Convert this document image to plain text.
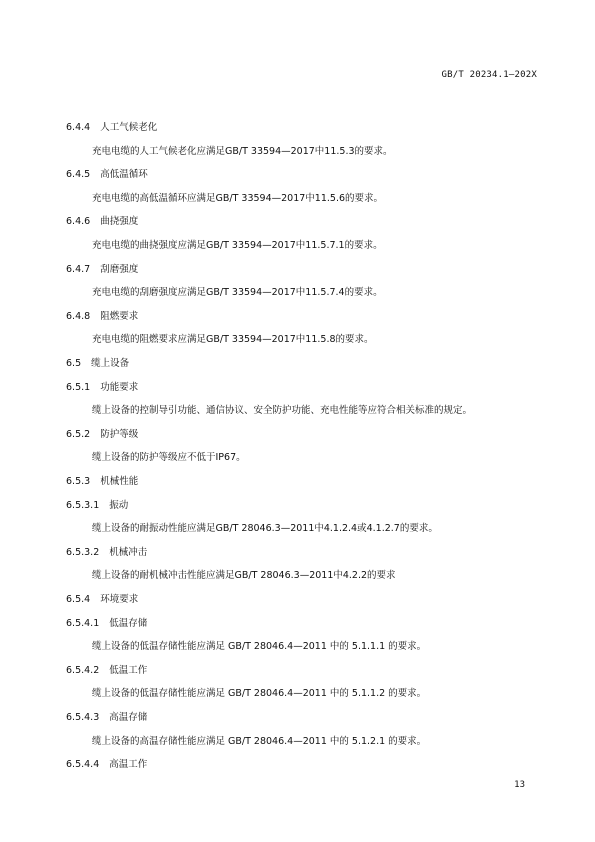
GB/T 20234.1—202X
6.4.4 人工气候老化
充电电缆的人工气候老化应满足GB/T 33594—2017中11.5.3的要求。
6.4.5 高低温循环
充电电缆的高低温循环应满足GB/T 33594—2017中11.5.6的要求。
6.4.6 曲挠强度
充电电缆的曲挠强度应满足GB/T 33594—2017中11.5.7.1的要求。
6.4.7 刮磨强度
充电电缆的刮磨强度应满足GB/T 33594—2017中11.5.7.4的要求。
6.4.8 阻燃要求
充电电缆的阻燃要求应满足GB/T 33594—2017中11.5.8的要求。
6.5 缆上设备
6.5.1 功能要求
缆上设备的控制导引功能、通信协议、安全防护功能、充电性能等应符合相关标准的规定。
6.5.2 防护等级
缆上设备的防护等级应不低于IP67。
6.5.3 机械性能
6.5.3.1 振动
缆上设备的耐振动性能应满足GB/T 28046.3—2011中4.1.2.4或4.1.2.7的要求。
6.5.3.2 机械冲击
缆上设备的耐机械冲击性能应满足GB/T 28046.3—2011中4.2.2的要求
6.5.4 环境要求
6.5.4.1 低温存储
缆上设备的低温存储性能应满足 GB/T 28046.4—2011 中的 5.1.1.1 的要求。
6.5.4.2 低温工作
缆上设备的低温存储性能应满足 GB/T 28046.4—2011 中的 5.1.1.2 的要求。
6.5.4.3 高温存储
缆上设备的高温存储性能应满足 GB/T 28046.4—2011 中的 5.1.2.1 的要求。
6.5.4.4 高温工作
13
